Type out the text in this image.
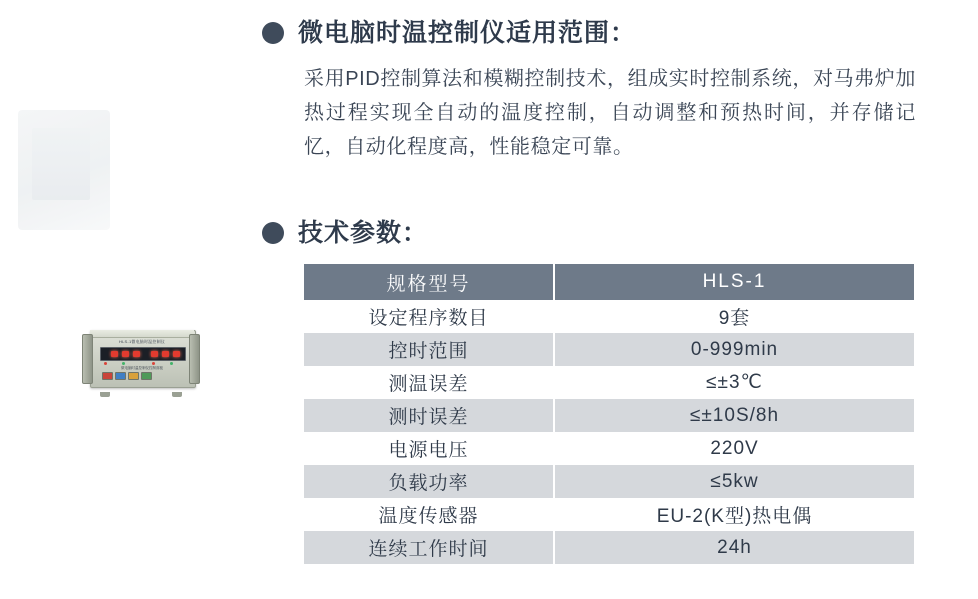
HLS-1微电脑时温控制仪
微电脑时温控制仪控制面板
微电脑时温控制仪适用范围：

采用PID控制算法和模糊控制技术，组成实时控制系统，对马弗炉加热过程实现全自动的温度控制，自动调整和预热时间，并存储记忆，自动化程度高，性能稳定可靠。

技术参数：
规格型号	HLS-1
设定程序数目	9套
控时范围	0-999min
测温误差	≤±3℃
测时误差	≤±10S/8h
电源电压	220V
负载功率	≤5kw
温度传感器	EU-2(K型)热电偶
连续工作时间	24h
